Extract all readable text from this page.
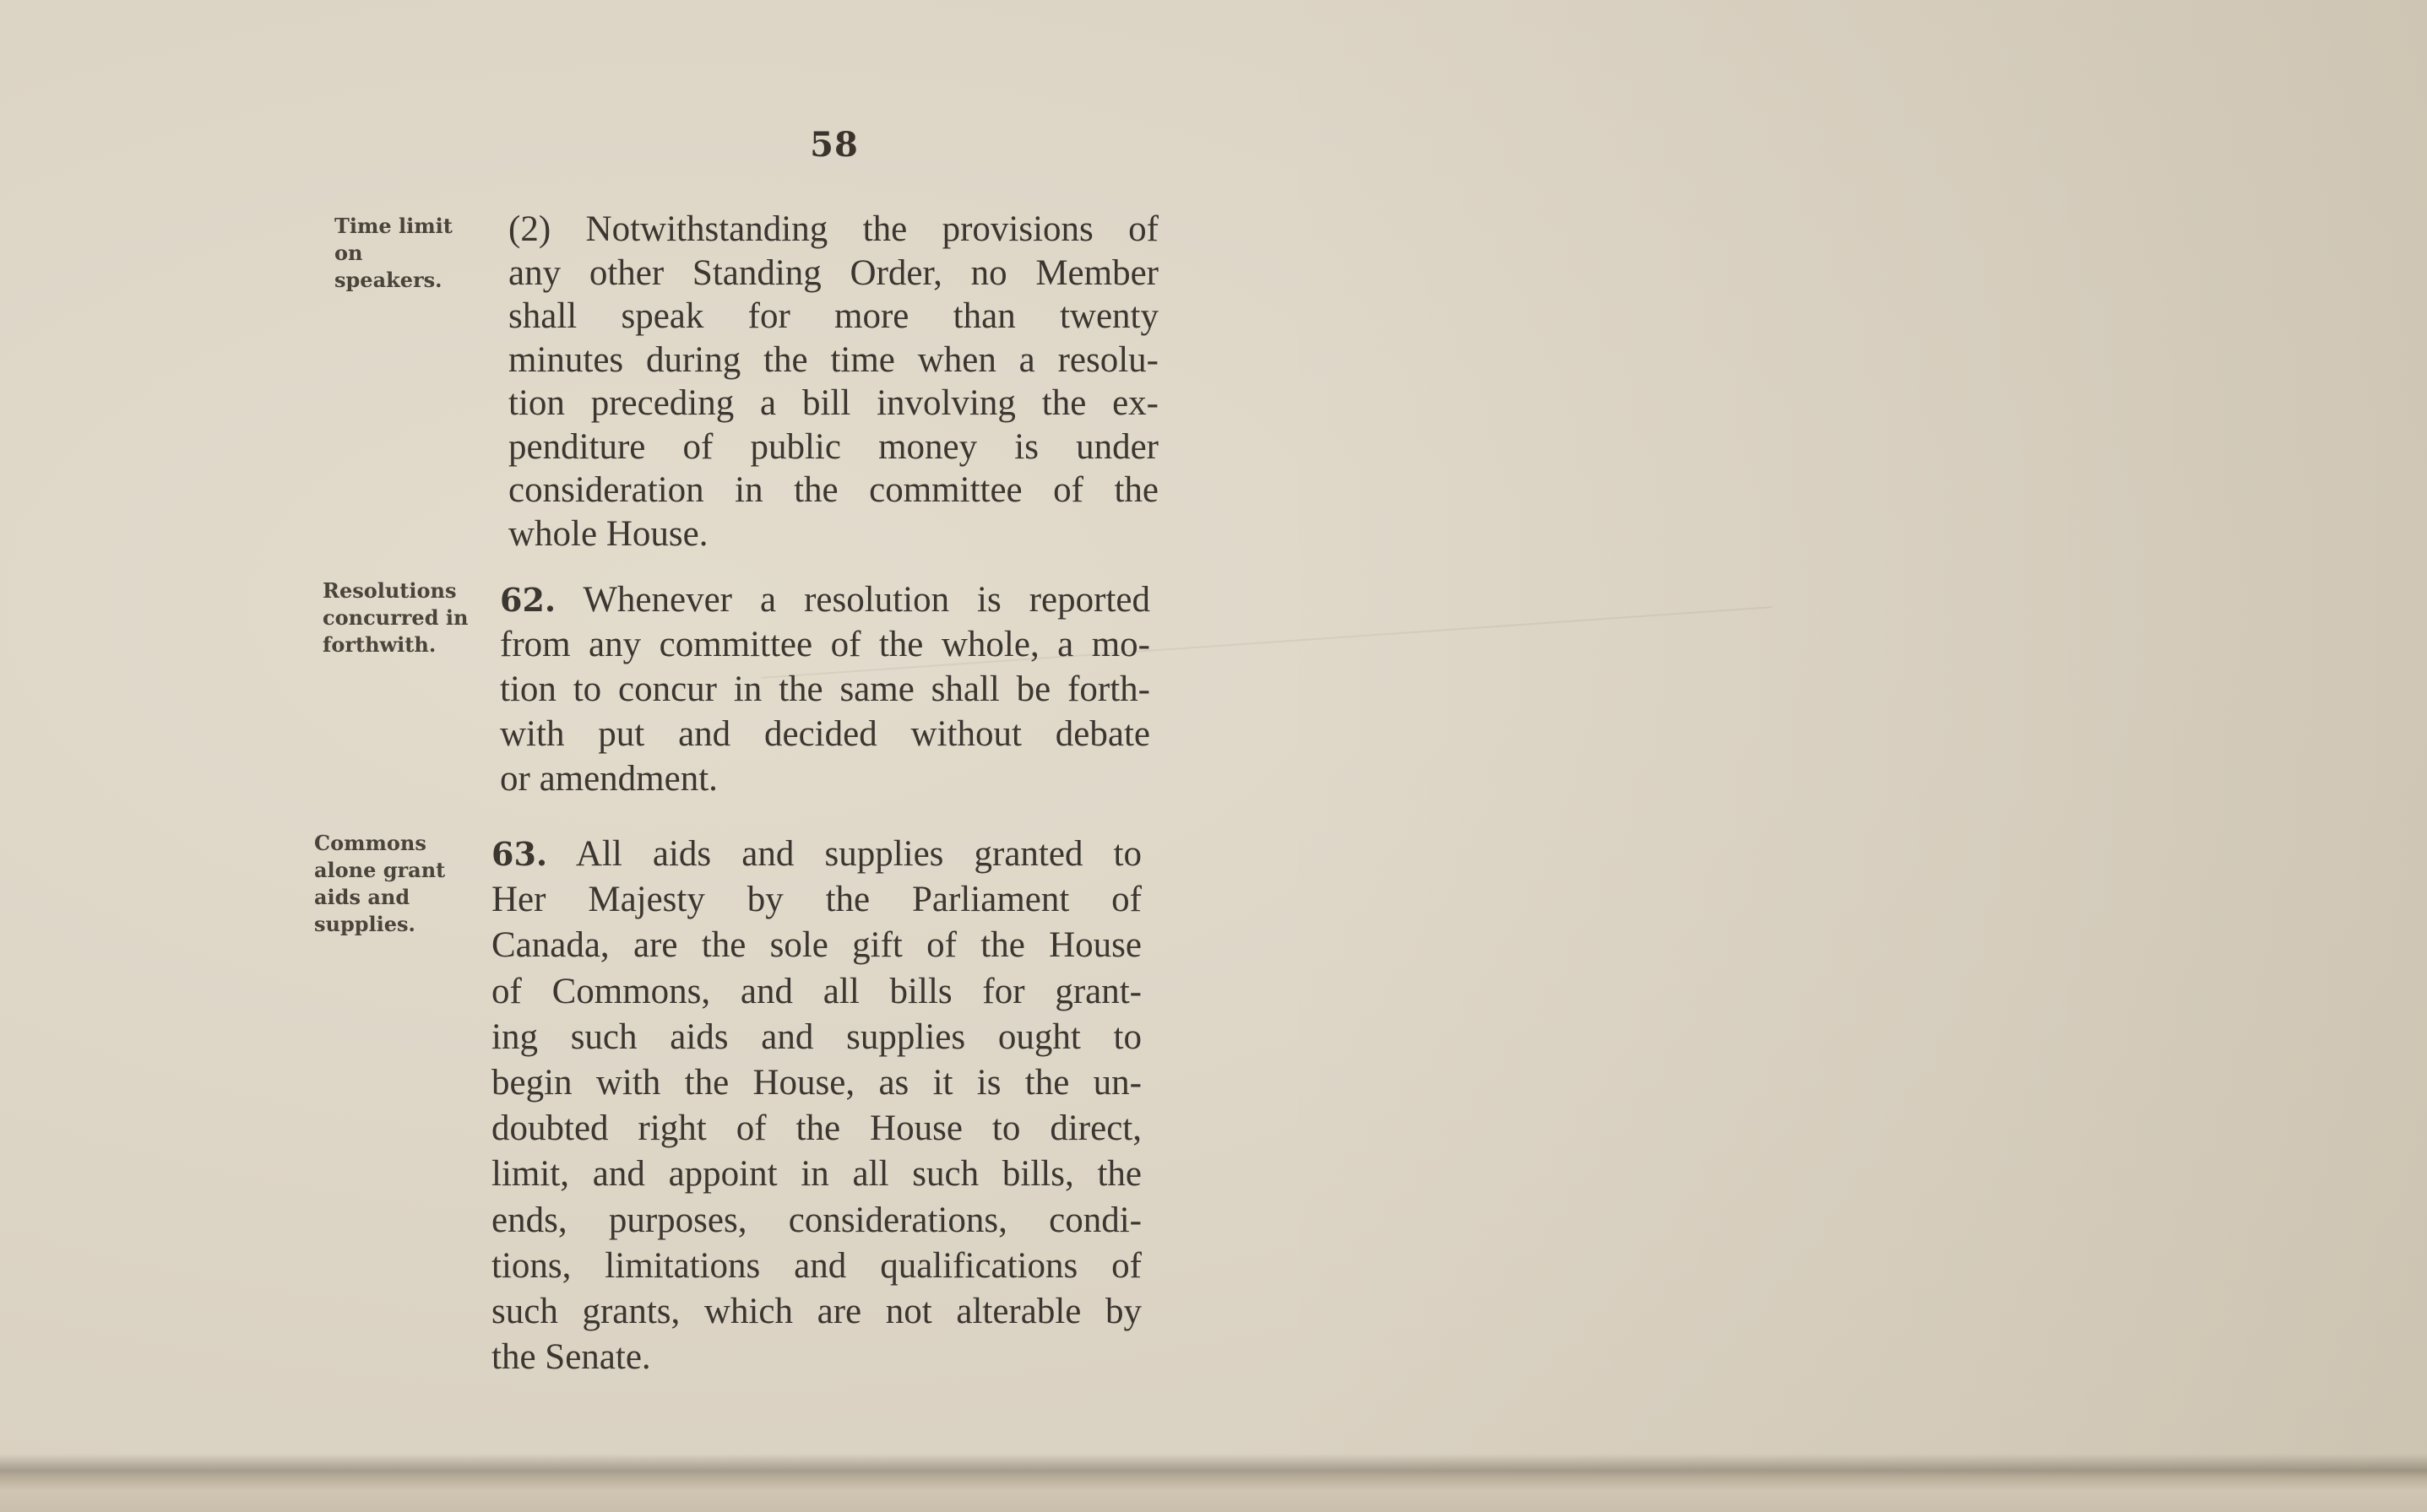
58
Time limit
on
speakers.
(2) Notwithstanding the provisions of
any other Standing Order, no Member
shall speak for more than twenty
minutes during the time when a resolu-
tion preceding a bill involving the ex-
penditure of public money is under
consideration in the committee of the
whole House.
Resolutions
concurred in
forthwith.
62. Whenever a resolution is reported
from any committee of the whole, a mo-
tion to concur in the same shall be forth-
with put and decided without debate
or amendment.
Commons
alone grant
aids and
supplies.
63. All aids and supplies granted to
Her Majesty by the Parliament of
Canada, are the sole gift of the House
of Commons, and all bills for grant-
ing such aids and supplies ought to
begin with the House, as it is the un-
doubted right of the House to direct,
limit, and appoint in all such bills, the
ends, purposes, considerations, condi-
tions, limitations and qualifications of
such grants, which are not alterable by
the Senate.
